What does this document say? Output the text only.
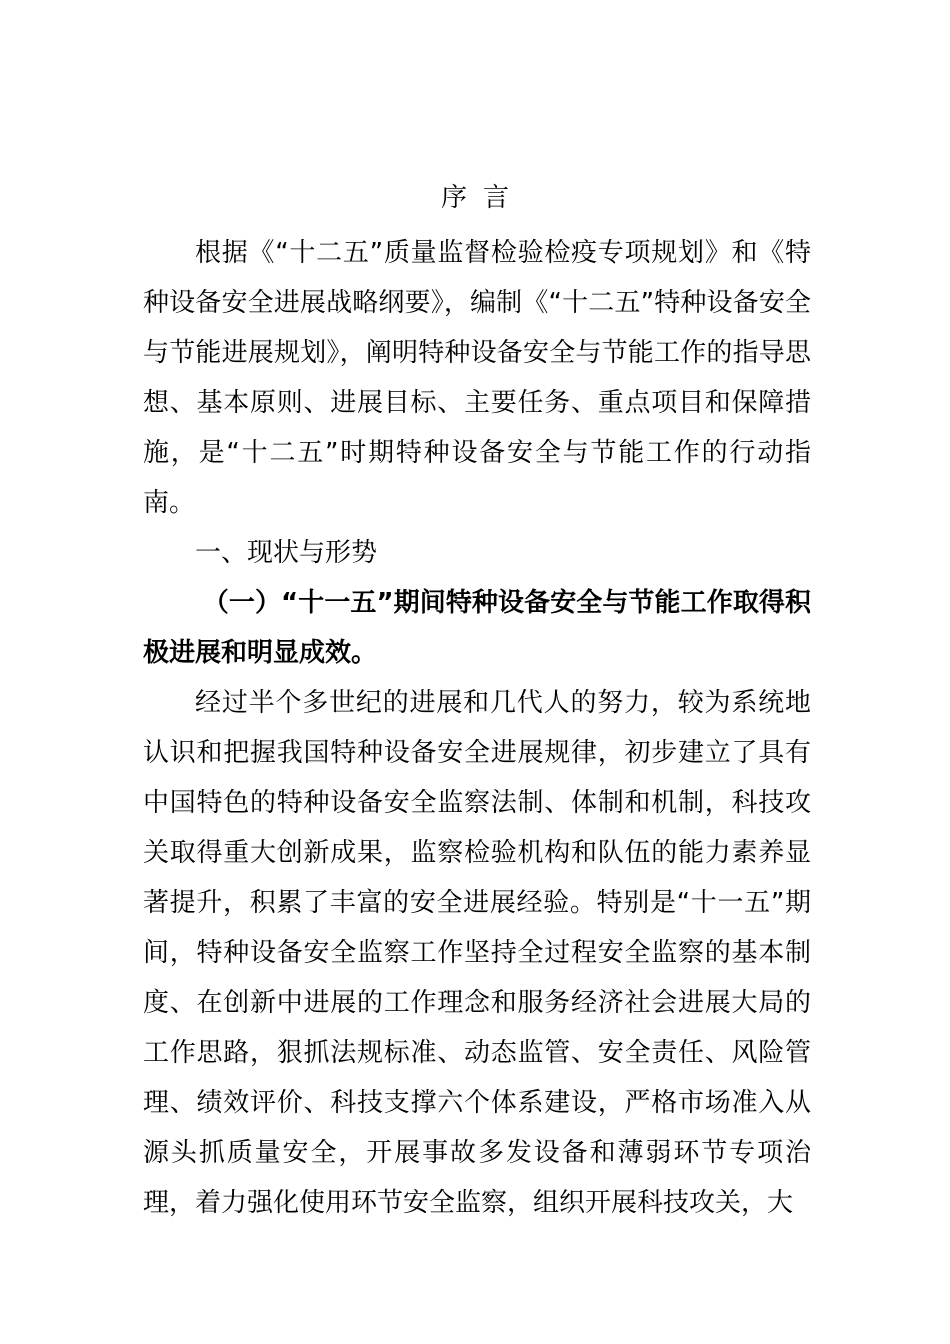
序言

根据《“十二五”质量监督检验检疫专项规划》和《特种设备安全进展战略纲要》，编制《“十二五”特种设备安全与节能进展规划》，阐明特种设备安全与节能工作的指导思想、基本原则、进展目标、主要任务、重点项目和保障措施，是“十二五”时期特种设备安全与节能工作的行动指南。

一、现状与形势

（一）“十一五”期间特种设备安全与节能工作取得积极进展和明显成效。

经过半个多世纪的进展和几代人的努力，较为系统地认识和把握我国特种设备安全进展规律，初步建立了具有中国特色的特种设备安全监察法制、体制和机制，科技攻关取得重大创新成果，监察检验机构和队伍的能力素养显著提升，积累了丰富的安全进展经验。特别是“十一五”期间，特种设备安全监察工作坚持全过程安全监察的基本制度、在创新中进展的工作理念和服务经济社会进展大局的工作思路，狠抓法规标准、动态监管、安全责任、风险管理、绩效评价、科技支撑六个体系建设，严格市场准入从源头抓质量安全，开展事故多发设备和薄弱环节专项治理，着力强化使用环节安全监察，组织开展科技攻关，大
